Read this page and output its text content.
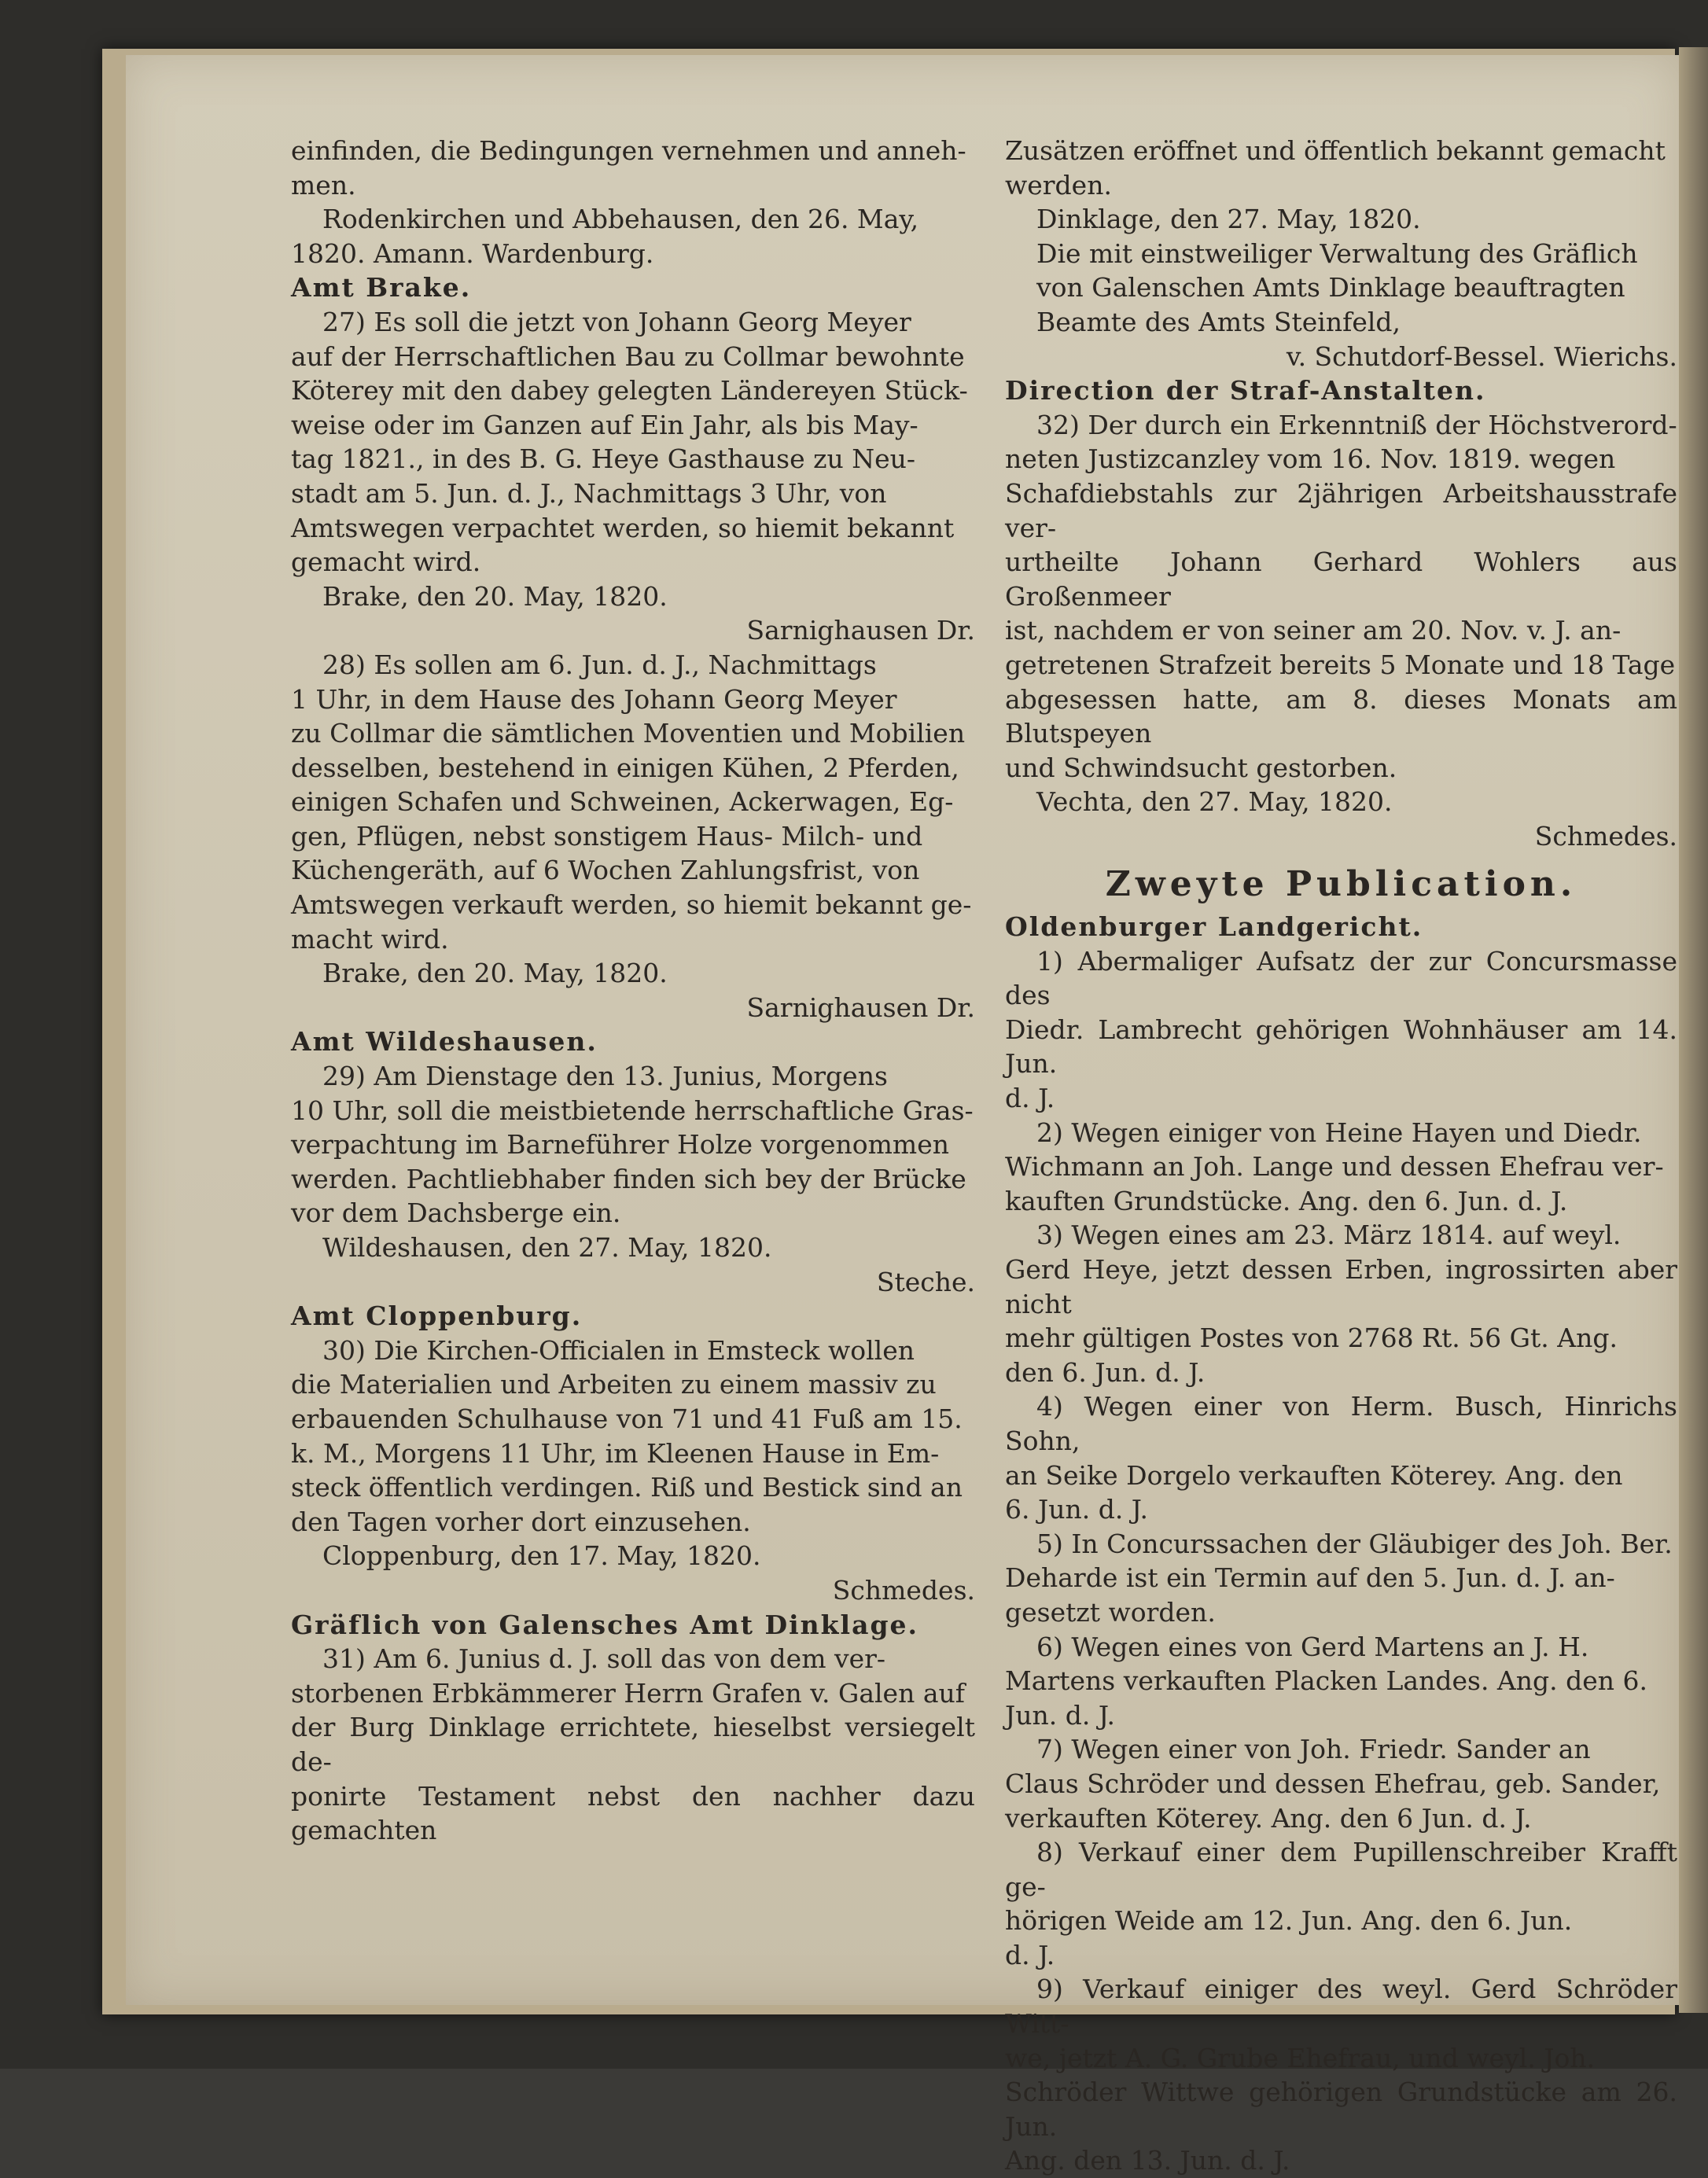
einfinden, die Bedingungen vernehmen und anneh-

men.

Rodenkirchen und Abbehausen, den 26. May,

1820. Amann. Wardenburg.

Amt Brake.

27) Es soll die jetzt von Johann Georg Meyer

auf der Herrschaftlichen Bau zu Collmar bewohnte

Köterey mit den dabey gelegten Ländereyen Stück-

weise oder im Ganzen auf Ein Jahr, als bis May-

tag 1821., in des B. G. Heye Gasthause zu Neu-

stadt am 5. Jun. d. J., Nachmittags 3 Uhr, von

Amtswegen verpachtet werden, so hiemit bekannt

gemacht wird.

Brake, den 20. May, 1820.

Sarnighausen Dr.

28) Es sollen am 6. Jun. d. J., Nachmittags

1 Uhr, in dem Hause des Johann Georg Meyer

zu Collmar die sämtlichen Moventien und Mobilien

desselben, bestehend in einigen Kühen, 2 Pferden,

einigen Schafen und Schweinen, Ackerwagen, Eg-

gen, Pflügen, nebst sonstigem Haus- Milch- und

Küchengeräth, auf 6 Wochen Zahlungsfrist, von

Amtswegen verkauft werden, so hiemit bekannt ge-

macht wird.

Brake, den 20. May, 1820.

Sarnighausen Dr.

Amt Wildeshausen.

29) Am Dienstage den 13. Junius, Morgens

10 Uhr, soll die meistbietende herrschaftliche Gras-

verpachtung im Barneführer Holze vorgenommen

werden. Pachtliebhaber finden sich bey der Brücke

vor dem Dachsberge ein.

Wildeshausen, den 27. May, 1820.

Steche.

Amt Cloppenburg.

30) Die Kirchen-Officialen in Emsteck wollen

die Materialien und Arbeiten zu einem massiv zu

erbauenden Schulhause von 71 und 41 Fuß am 15.

k. M., Morgens 11 Uhr, im Kleenen Hause in Em-

steck öffentlich verdingen. Riß und Bestick sind an

den Tagen vorher dort einzusehen.

Cloppenburg, den 17. May, 1820.

Schmedes.

Gräflich von Galensches Amt Dinklage.

31) Am 6. Junius d. J. soll das von dem ver-

storbenen Erbkämmerer Herrn Grafen v. Galen auf

der Burg Dinklage errichtete, hieselbst versiegelt de-

ponirte Testament nebst den nachher dazu gemachten

Zusätzen eröffnet und öffentlich bekannt gemacht

werden.

Dinklage, den 27. May, 1820.

Die mit einstweiliger Verwaltung des Gräflich

von Galenschen Amts Dinklage beauftragten

Beamte des Amts Steinfeld,

v. Schutdorf-Bessel. Wierichs.

Direction der Straf-Anstalten.

32) Der durch ein Erkenntniß der Höchstverord-

neten Justizcanzley vom 16. Nov. 1819. wegen

Schafdiebstahls zur 2jährigen Arbeitshausstrafe ver-

urtheilte Johann Gerhard Wohlers aus Großenmeer

ist, nachdem er von seiner am 20. Nov. v. J. an-

getretenen Strafzeit bereits 5 Monate und 18 Tage

abgesessen hatte, am 8. dieses Monats am Blutspeyen

und Schwindsucht gestorben.

Vechta, den 27. May, 1820.

Schmedes.

Zweyte Publication.

Oldenburger Landgericht.

1) Abermaliger Aufsatz der zur Concursmasse des

Diedr. Lambrecht gehörigen Wohnhäuser am 14. Jun.

d. J.

2) Wegen einiger von Heine Hayen und Diedr.

Wichmann an Joh. Lange und dessen Ehefrau ver-

kauften Grundstücke. Ang. den 6. Jun. d. J.

3) Wegen eines am 23. März 1814. auf weyl.

Gerd Heye, jetzt dessen Erben, ingrossirten aber nicht

mehr gültigen Postes von 2768 Rt. 56 Gt. Ang.

den 6. Jun. d. J.

4) Wegen einer von Herm. Busch, Hinrichs Sohn,

an Seike Dorgelo verkauften Köterey. Ang. den

6. Jun. d. J.

5) In Concurssachen der Gläubiger des Joh. Ber.

Deharde ist ein Termin auf den 5. Jun. d. J. an-

gesetzt worden.

6) Wegen eines von Gerd Martens an J. H.

Martens verkauften Placken Landes. Ang. den 6.

Jun. d. J.

7) Wegen einer von Joh. Friedr. Sander an

Claus Schröder und dessen Ehefrau, geb. Sander,

verkauften Köterey. Ang. den 6 Jun. d. J.

8) Verkauf einer dem Pupillenschreiber Krafft ge-

hörigen Weide am 12. Jun. Ang. den 6. Jun.

d. J.

9) Verkauf einiger des weyl. Gerd Schröder Witt-

we, jetzt A. G. Grube Ehefrau, und weyl. Joh.

Schröder Wittwe gehörigen Grundstücke am 26. Jun.

Ang. den 13. Jun. d. J.
